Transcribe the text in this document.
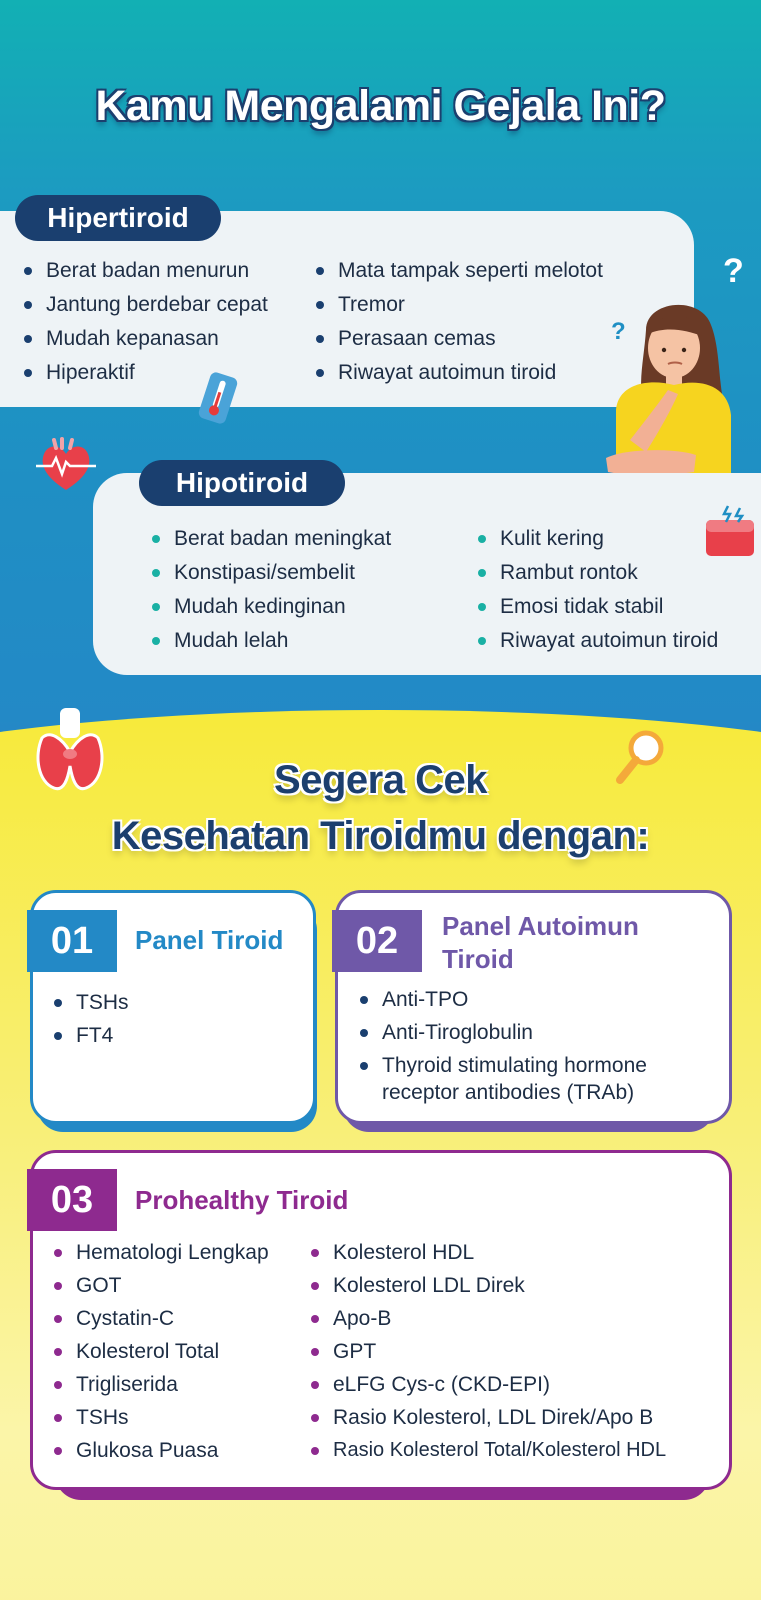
Kamu Mengalami Gejala Ini?
Hipertiroid
Berat badan menurun
Jantung berdebar cepat
Mudah kepanasan
Hiperaktif
Mata tampak seperti melotot
Tremor
Perasaan cemas
Riwayat autoimun tiroid
?
?
Hipotiroid
Berat badan meningkat
Konstipasi/sembelit
Mudah kedinginan
Mudah lelah
Kulit kering
Rambut rontok
Emosi tidak stabil
Riwayat autoimun tiroid
Segera Cek
Kesehatan Tiroidmu dengan:
01	Panel Tiroid
TSHs
FT4
02	Panel Autoimun
Tiroid
Anti-TPO
Anti-Tiroglobulin
Thyroid stimulating hormone
receptor antibodies (TRAb)
03	Prohealthy Tiroid
Hematologi Lengkap
GOT
Cystatin-C
Kolesterol Total
Trigliserida
TSHs
Glukosa Puasa
Kolesterol HDL
Kolesterol LDL Direk
Apo-B
GPT
eLFG Cys-c (CKD-EPI)
Rasio Kolesterol, LDL Direk/Apo B
Rasio Kolesterol Total/Kolesterol HDL
